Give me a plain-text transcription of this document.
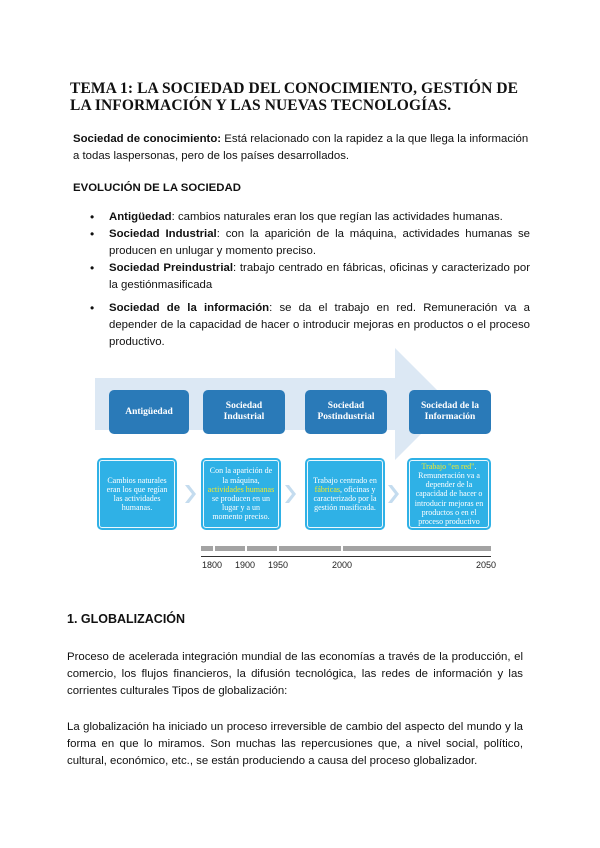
TEMA 1: LA SOCIEDAD DEL CONOCIMIENTO, GESTIÓN DE
LA INFORMACIÓN Y LAS NUEVAS TECNOLOGÍAS.
Sociedad de conocimiento: Está relacionado con la rapidez a la que llega la información a todas laspersonas, pero de los países desarrollados.
EVOLUCIÓN DE LA SOCIEDAD
• Antigüedad: cambios naturales eran los que regían las actividades humanas.
• Sociedad Industrial: con la aparición de la máquina, actividades humanas se producen en unlugar y momento preciso.
• Sociedad Preindustrial: trabajo centrado en fábricas, oficinas y caracterizado por la gestiónmasificada
• Sociedad de la información: se da el trabajo en red. Remuneración va a depender de la capacidad de hacer o introducir mejoras en productos o el proceso productivo.
Antigüedad
Sociedad Industrial
Sociedad Postindustrial
Sociedad de la Información
Cambios naturales eran los que regían las actividades humanas.
Con la aparición de la máquina, actividades humanas se producen en un lugar y a un momento preciso.
Trabajo centrado en fábricas, oficinas y caracterizado por la gestión masificada.
Trabajo "en red". Remuneración va a depender de la capacidad de hacer o introducir mejoras en productos o en el proceso productivo
1800 1900 1950	2000	2050
1. GLOBALIZACIÓN
Proceso de acelerada integración mundial de las economías a través de la producción, el comercio, los flujos financieros, la difusión tecnológica, las redes de información y las corrientes culturales Tipos de globalización:
La globalización ha iniciado un proceso irreversible de cambio del aspecto del mundo y la forma en que lo miramos. Son muchas las repercusiones que, a nivel social, político, cultural, económico, etc., se están produciendo a causa del proceso globalizador.
